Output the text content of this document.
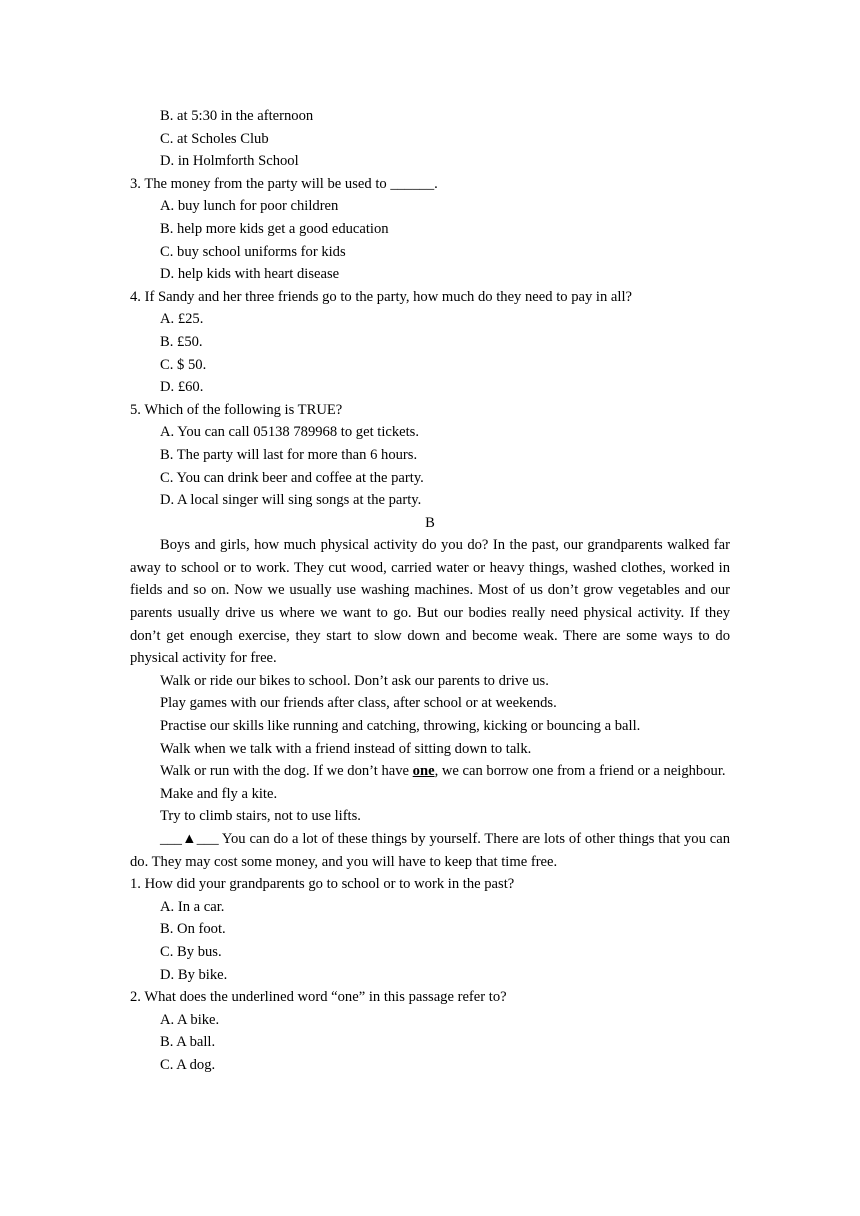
B. at 5:30 in the afternoon

C. at Scholes Club

D. in Holmforth School

3. The money from the party will be used to ______.

A. buy lunch for poor children

B. help more kids get a good education

C. buy school uniforms for kids

D. help kids with heart disease

4. If Sandy and her three friends go to the party, how much do they need to pay in all?

A. £25.

B. £50.

C. $ 50.

D. £60.

5. Which of the following is TRUE?

A. You can call 05138 789968 to get tickets.

B. The party will last for more than 6 hours.

C. You can drink beer and coffee at the party.

D. A local singer will sing songs at the party.

B

Boys and girls, how much physical activity do you do? In the past, our grandparents walked far away to school or to work. They cut wood, carried water or heavy things, washed clothes, worked in fields and so on. Now we usually use washing machines. Most of us don’t grow vegetables and our parents usually drive us where we want to go. But our bodies really need physical activity. If they don’t get enough exercise, they start to slow down and become weak. There are some ways to do physical activity for free.

Walk or ride our bikes to school. Don’t ask our parents to drive us.

Play games with our friends after class, after school or at weekends.

Practise our skills like running and catching, throwing, kicking or bouncing a ball.

Walk when we talk with a friend instead of sitting down to talk.

Walk or run with the dog. If we don’t have one, we can borrow one from a friend or a neighbour.

Make and fly a kite.

Try to climb stairs, not to use lifts.

___▲___ You can do a lot of these things by yourself. There are lots of other things that you can do. They may cost some money, and you will have to keep that time free.

1. How did your grandparents go to school or to work in the past?

A. In a car.

B. On foot.

C. By bus.

D. By bike.

2. What does the underlined word “one” in this passage refer to?

A. A bike.

B. A ball.

C. A dog.
